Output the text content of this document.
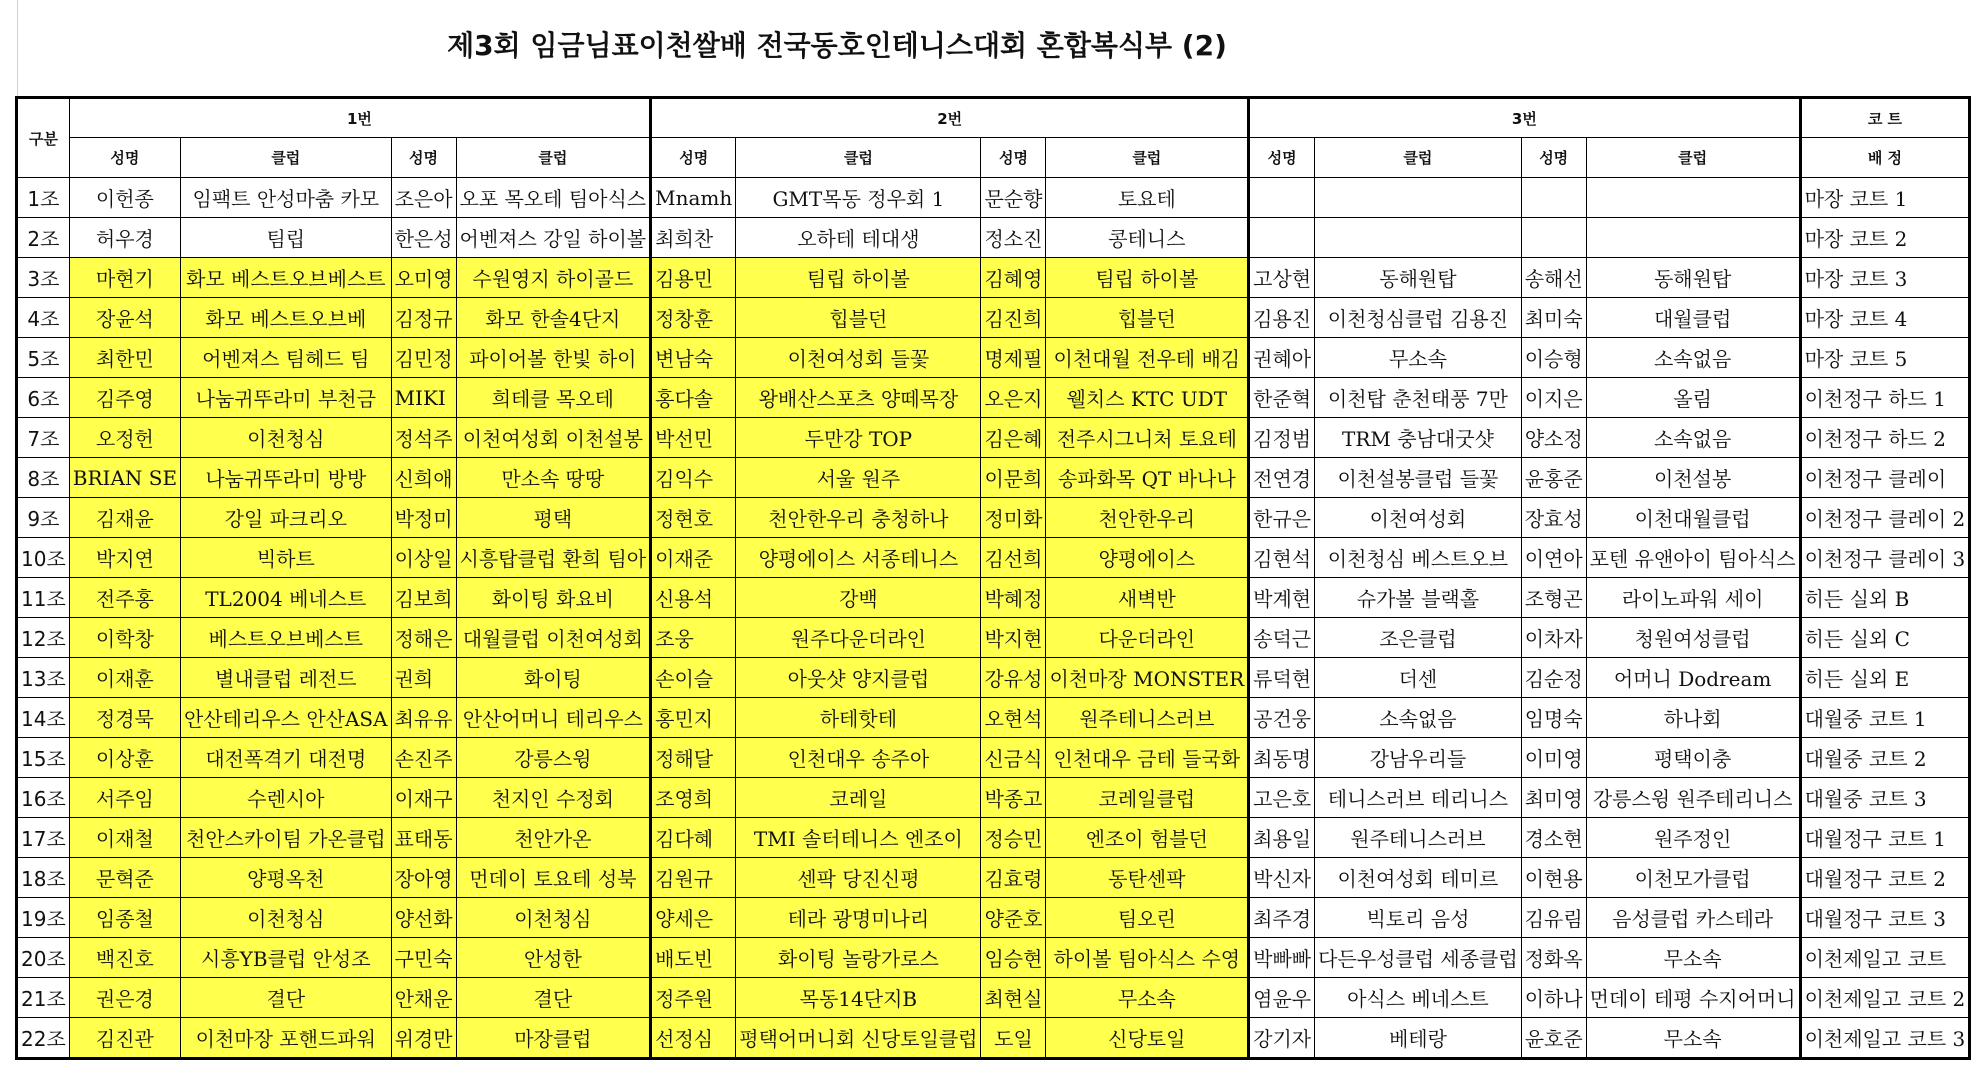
제3회 임금님표이천쌀배 전국동호인테니스대회 혼합복식부 (2)
구분	1번				2번				3번				코 트
	성명	클럽	성명	클럽	성명	클럽	성명	클럽	성명	클럽	성명	클럽	배 정
1조	이헌종	임팩트 안성마춤 카모	조은아	오포 목오테 팀아식스	Mnamh	GMT목동 정우회 1	문순향	토요테					마장 코트 1
2조	허우경	팀립	한은성	어벤져스 강일 하이볼	최희찬	오하테 테대생	정소진	콩테니스					마장 코트 2
3조	마현기	화모 베스트오브베스트	오미영	수원영지 하이골드	김용민	팀립 하이볼	김혜영	팀립 하이볼	고상현	동해원탑	송해선	동해원탑	마장 코트 3
4조	장윤석	화모 베스트오브베	김정규	화모 한솔4단지	정창훈	힙블던	김진희	힙블던	김용진	이천청심클럽 김용진	최미숙	대월클럽	마장 코트 4
5조	최한민	어벤져스 팀헤드 팀	김민정	파이어볼 한빛 하이	변남숙	이천여성회 들꽃	명제필	이천대월 전우테 배김	권혜아	무소속	이승형	소속없음	마장 코트 5
6조	김주영	나눔귀뚜라미 부천금	MIKI	희테클 목오테	홍다솔	왕배산스포츠 양떼목장	오은지	웰치스 KTC UDT	한준혁	이천탑 춘천태풍 7만	이지은	올림	이천정구 하드 1
7조	오정헌	이천청심	정석주	이천여성회 이천설봉	박선민	두만강 TOP	김은혜	전주시그니처 토요테	김정범	TRM 충남대굿샷	양소정	소속없음	이천정구 하드 2
8조	BRIAN SE	나눔귀뚜라미 방방	신희애	만소속 땅땅	김익수	서울 원주	이문희	송파화목 QT 바나나	전연경	이천설봉클럽 들꽃	윤홍준	이천설봉	이천정구 클레이
9조	김재윤	강일 파크리오	박정미	평택	정현호	천안한우리 충청하나	정미화	천안한우리	한규은	이천여성회	장효성	이천대월클럽	이천정구 클레이 2
10조	박지연	빅하트	이상일	시흥탑클럽 환희 팀아	이재준	양평에이스 서종테니스	김선희	양평에이스	김현석	이천청심 베스트오브	이연아	포텐 유앤아이 팀아식스	이천정구 클레이 3
11조	전주홍	TL2004 베네스트	김보희	화이팅 화요비	신용석	강백	박혜정	새벽반	박계현	슈가볼 블랙홀	조형곤	라이노파워 세이	히든 실외 B
12조	이학창	베스트오브베스트	정해은	대월클럽 이천여성회	조웅	원주다운더라인	박지현	다운더라인	송덕근	조은클럽	이차자	청원여성클럽	히든 실외 C
13조	이재훈	별내클럽 레전드	권희	화이팅	손이슬	아웃샷 양지클럽	강유성	이천마장 MONSTER	류덕현	더센	김순정	어머니 Dodream	히든 실외 E
14조	정경묵	안산테리우스 안산ASA	최유유	안산어머니 테리우스	홍민지	하테핫테	오현석	원주테니스러브	공건웅	소속없음	임명숙	하나회	대월중 코트 1
15조	이상훈	대전폭격기 대전명	손진주	강릉스윙	정해달	인천대우 송주아	신금식	인천대우 금테 들국화	최동명	강남우리들	이미영	평택이충	대월중 코트 2
16조	서주임	수렌시아	이재구	천지인 수정회	조영희	코레일	박종고	코레일클럽	고은호	테니스러브 테리니스	최미영	강릉스윙 원주테리니스	대월중 코트 3
17조	이재철	천안스카이팀 가온클럽	표태동	천안가온	김다혜	TMI 솔터테니스 엔조이	정승민	엔조이 험블던	최용일	원주테니스러브	경소현	원주정인	대월정구 코트 1
18조	문혁준	양평옥천	장아영	먼데이 토요테 성북	김원규	센팍 당진신평	김효령	동탄센팍	박신자	이천여성회 테미르	이현용	이천모가클럽	대월정구 코트 2
19조	임종철	이천청심	양선화	이천청심	양세은	테라 광명미나리	양준호	팀오린	최주경	빅토리 음성	김유림	음성클럽 카스테라	대월정구 코트 3
20조	백진호	시흥YB클럽 안성조	구민숙	안성한	배도빈	화이팅 놀랑가로스	임승현	하이볼 팀아식스 수영	박빠빠	다든우성클럽 세종클럽	정화옥	무소속	이천제일고 코트
21조	권은경	결단	안채운	결단	정주원	목동14단지B	최현실	무소속	염윤우	아식스 베네스트	이하나	먼데이 테평 수지어머니	이천제일고 코트 2
22조	김진관	이천마장 포핸드파워	위경만	마장클럽	선정심	평택어머니회 신당토일클럽	도일	신당토일	강기자	베테랑	윤호준	무소속	이천제일고 코트 3
